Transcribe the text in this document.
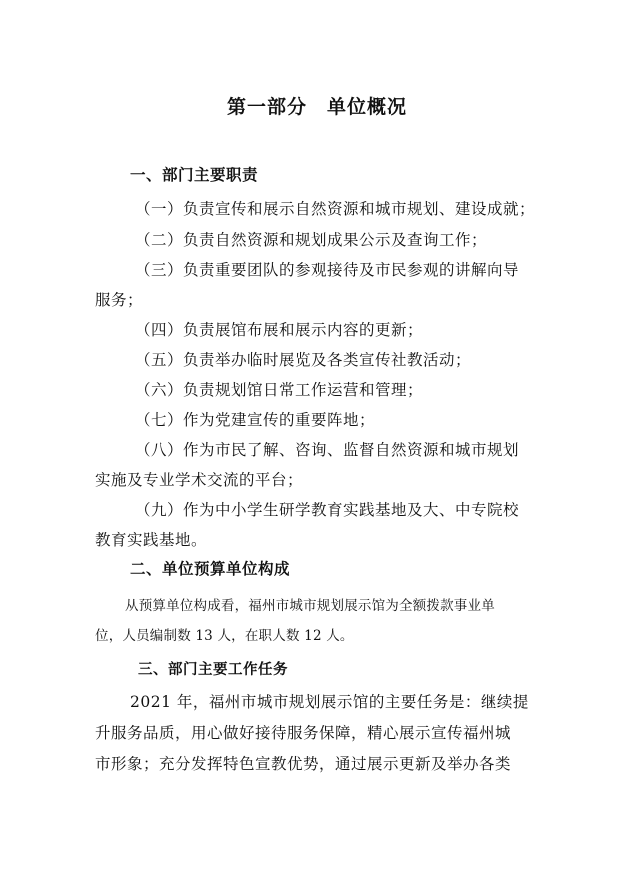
第一部分　单位概况
一、部门主要职责
（一）负责宣传和展示自然资源和城市规划、建设成就；
（二）负责自然资源和规划成果公示及查询工作；
（三）负责重要团队的参观接待及市民参观的讲解向导
服务；
（四）负责展馆布展和展示内容的更新；
（五）负责举办临时展览及各类宣传社教活动；
（六）负责规划馆日常工作运营和管理；
（七）作为党建宣传的重要阵地；
（八）作为市民了解、咨询、监督自然资源和城市规划
实施及专业学术交流的平台；
（九）作为中小学生研学教育实践基地及大、中专院校
教育实践基地。
二、单位预算单位构成
从预算单位构成看，福州市城市规划展示馆为全额拨款事业单
位，人员编制数 13 人，在职人数 12 人。
三、部门主要工作任务
2021 年，福州市城市规划展示馆的主要任务是：继续提
升服务品质，用心做好接待服务保障，精心展示宣传福州城
市形象；充分发挥特色宣教优势，通过展示更新及举办各类
